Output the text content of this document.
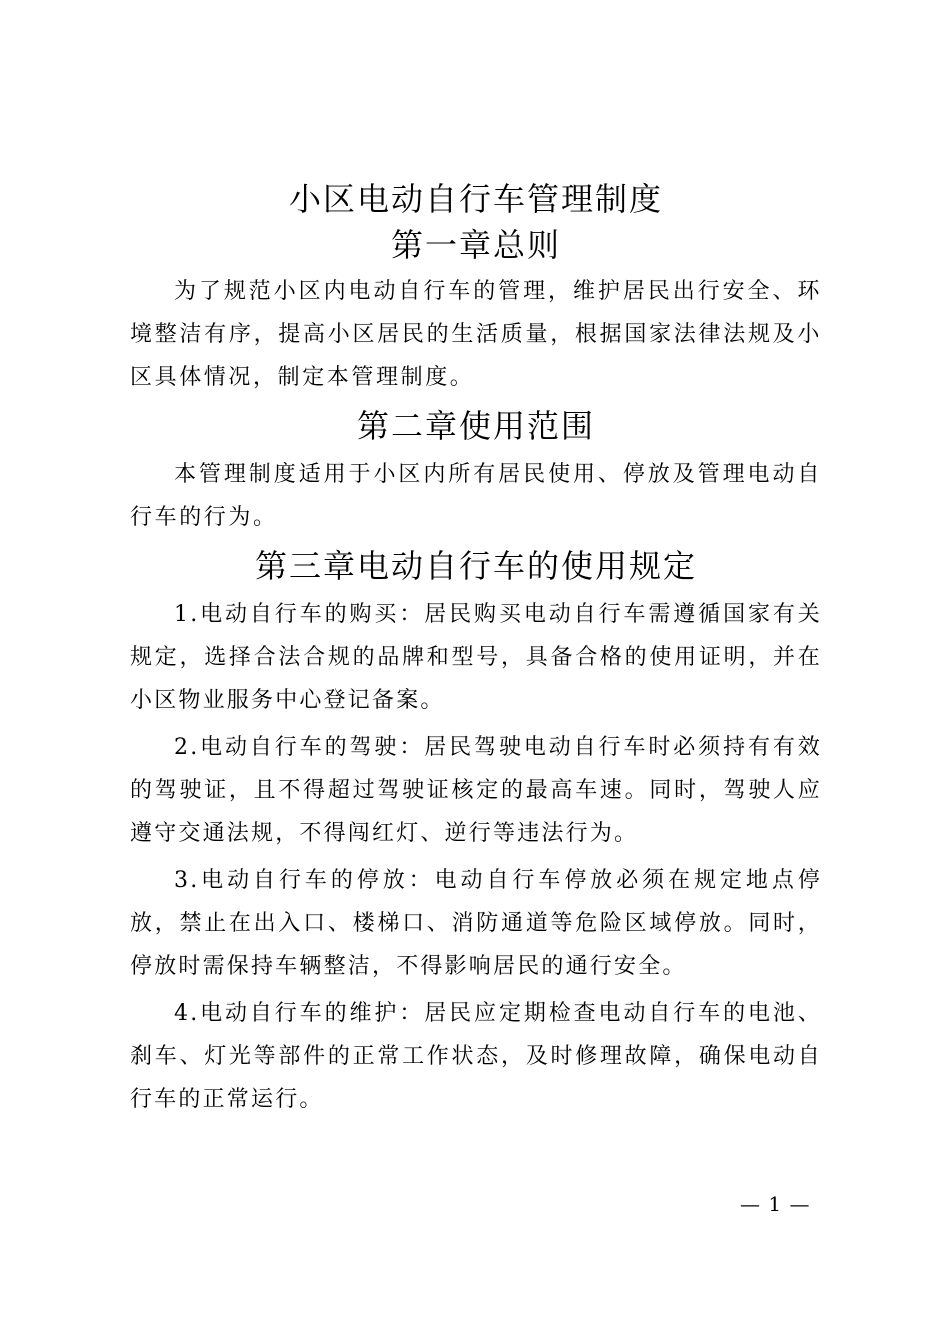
小区电动自行车管理制度
第一章总则

为了规范小区内电动自行车的管理，维护居民出行安全、环境整洁有序，提高小区居民的生活质量，根据国家法律法规及小区具体情况，制定本管理制度。

第二章使用范围

本管理制度适用于小区内所有居民使用、停放及管理电动自行车的行为。

第三章电动自行车的使用规定

1.电动自行车的购买：居民购买电动自行车需遵循国家有关规定，选择合法合规的品牌和型号，具备合格的使用证明，并在小区物业服务中心登记备案。

2.电动自行车的驾驶：居民驾驶电动自行车时必须持有有效的驾驶证，且不得超过驾驶证核定的最高车速。同时，驾驶人应遵守交通法规，不得闯红灯、逆行等违法行为。

3.电动自行车的停放：电动自行车停放必须在规定地点停放，禁止在出入口、楼梯口、消防通道等危险区域停放。同时，停放时需保持车辆整洁，不得影响居民的通行安全。

4.电动自行车的维护：居民应定期检查电动自行车的电池、刹车、灯光等部件的正常工作状态，及时修理故障，确保电动自行车的正常运行。

— 1 —
